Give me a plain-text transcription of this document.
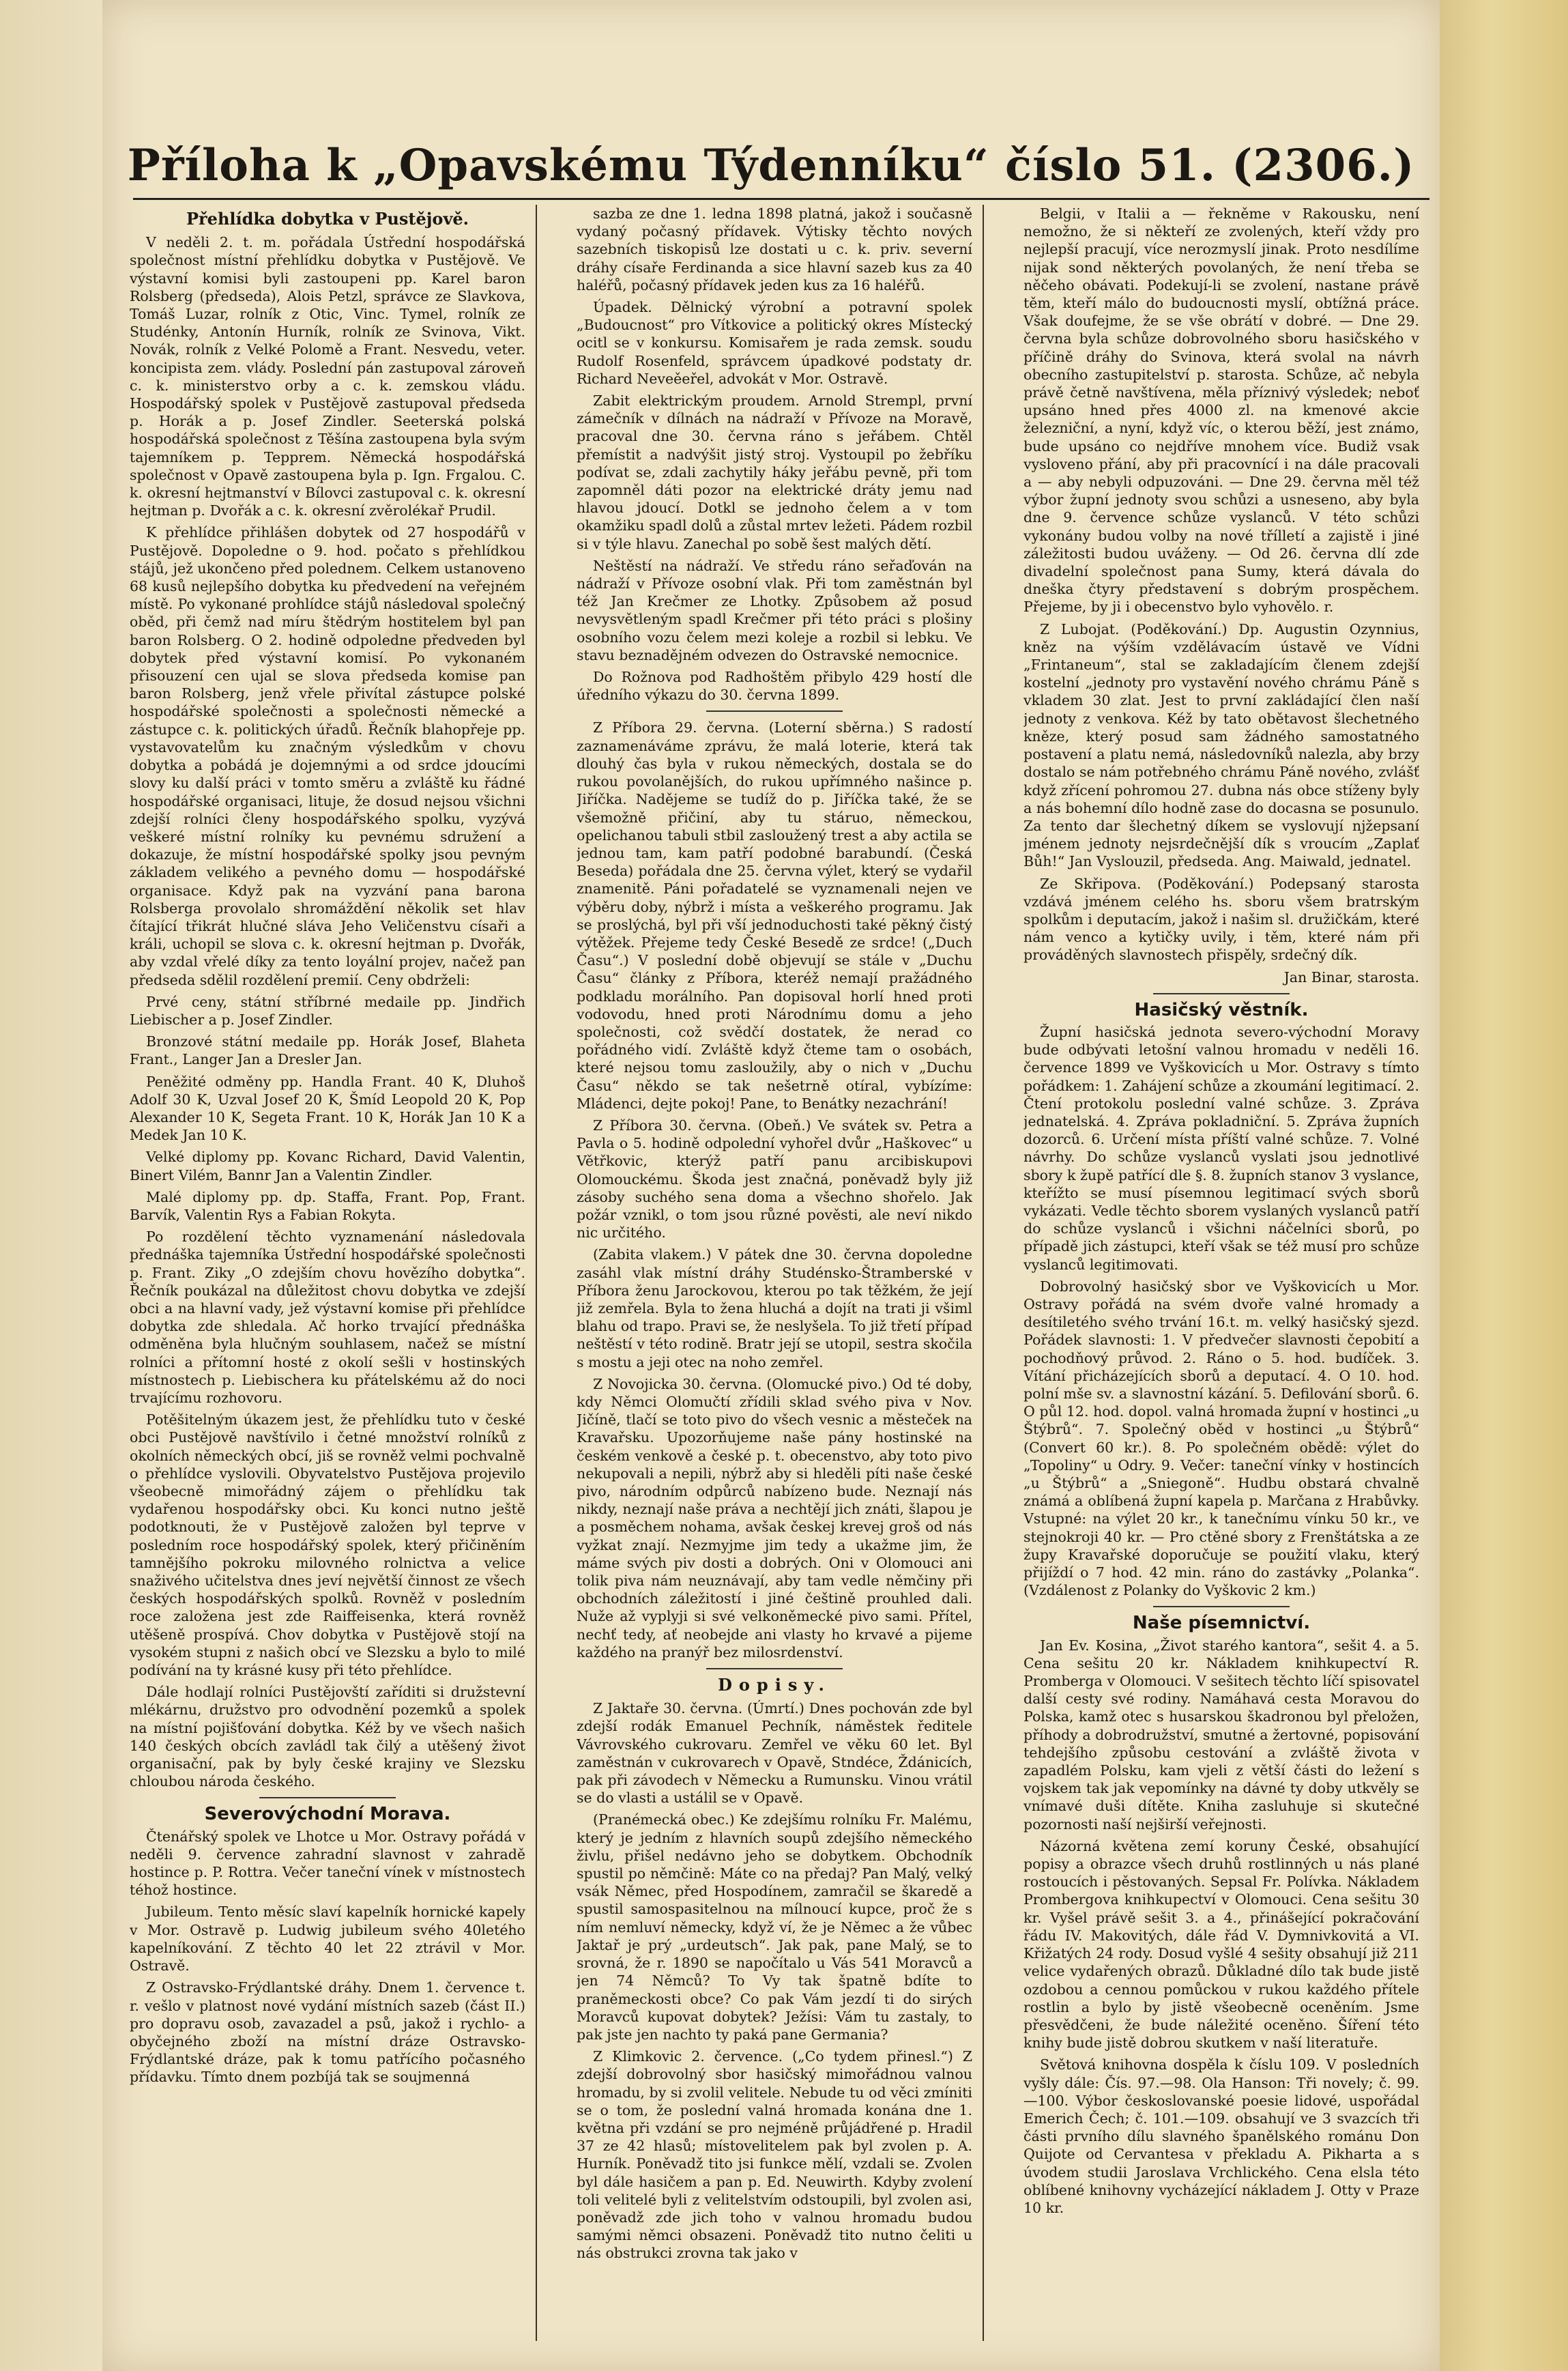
Příloha k „Opavskému Týdenníku“ číslo 51. (2306.)
Přehlídka dobytka v Pustějově.

V neděli 2. t. m. pořádala Ústřední hospodářská společnost místní přehlídku dobytka v Pustějově. Ve výstavní komisi byli zastoupeni pp. Karel baron Rolsberg (předseda), Alois Petzl, správce ze Slavkova, Tomáš Luzar, rolník z Otic, Vinc. Tymel, rolník ze Studénky, Antonín Hurník, rolník ze Svinova, Vikt. Novák, rolník z Velké Polomě a Frant. Nesvedu, veter. koncipista zem. vlády. Poslední pán zastupoval zároveň c. k. ministerstvo orby a c. k. zemskou vládu. Hospodářský spolek v Pustějově zastupoval předseda p. Horák a p. Josef Zindler. Seeterská polská hospodářská společnost z Těšína zastoupena byla svým tajemníkem p. Tepprem. Německá hospodářská společnost v Opavě zastoupena byla p. Ign. Frgalou. C. k. okresní hejtmanství v Bílovci zastupoval c. k. okresní hejtman p. Dvořák a c. k. okresní zvěrolékař Prudil.

K přehlídce přihlášen dobytek od 27 hospodářů v Pustějově. Dopoledne o 9. hod. počato s přehlídkou stájů, jež ukončeno před polednem. Celkem ustanoveno 68 kusů nejlepšího dobytka ku předvedení na veřejném místě. Po vykonané prohlídce stájů následoval společný oběd, při čemž nad míru štědrým hostitelem byl pan baron Rolsberg. O 2. hodině odpoledne předveden byl dobytek před výstavní komisí. Po vykonaném přisouzení cen ujal se slova předseda komise pan baron Rolsberg, jenž vřele přivítal zástupce polské hospodářské společnosti a společnosti německé a zástupce c. k. politických úřadů. Řečník blahopřeje pp. vystavovatelům ku značným výsledkům v chovu dobytka a pobádá je dojemnými a od srdce jdoucími slovy ku další práci v tomto směru a zvláště ku řádné hospodářské organisaci, lituje, že dosud nejsou všichni zdejší rolníci členy hospodářského spolku, vyzývá veškeré místní rolníky ku pevnému sdružení a dokazuje, že místní hospodářské spolky jsou pevným základem velikého a pevného domu — hospodářské organisace. Když pak na vyzvání pana barona Rolsberga provolalo shromáždění několik set hlav čítající třikrát hlučné sláva Jeho Veličenstvu císaři a králi, uchopil se slova c. k. okresní hejtman p. Dvořák, aby vzdal vřelé díky za tento loyální projev, načež pan předseda sdělil rozdělení premií. Ceny obdrželi:

Prvé ceny, státní stříbrné medaile pp. Jindřich Liebischer a p. Josef Zindler.

Bronzové státní medaile pp. Horák Josef, Blaheta Frant., Langer Jan a Dresler Jan.

Peněžité odměny pp. Handla Frant. 40 K, Dluhoš Adolf 30 K, Uzval Josef 20 K, Šmíd Leopold 20 K, Pop Alexander 10 K, Segeta Frant. 10 K, Horák Jan 10 K a Medek Jan 10 K.

Velké diplomy pp. Kovanc Richard, David Valentin, Binert Vilém, Bannr Jan a Valentin Zindler.

Malé diplomy pp. dp. Staffa, Frant. Pop, Frant. Barvík, Valentin Rys a Fabian Rokyta.

Po rozdělení těchto vyznamenání následovala přednáška tajemníka Ústřední hospodářské společnosti p. Frant. Ziky „O zdejším chovu hovězího dobytka“. Řečník poukázal na důležitost chovu dobytka ve zdejší obci a na hlavní vady, jež výstavní komise při přehlídce dobytka zde shledala. Ač horko trvající přednáška odměněna byla hlučným souhlasem, načež se místní rolníci a přítomní hosté z okolí sešli v hostinských místnostech p. Liebischera ku přátelskému až do noci trvajícímu rozhovoru.

Potěšitelným úkazem jest, že přehlídku tuto v české obci Pustějově navštívilo i četné množství rolníků z okolních německých obcí, jiš se rovněž velmi pochvalně o přehlídce vyslovili. Obyvatelstvo Pustějova projevilo všeobecně mimořádný zájem o přehlídku tak vydařenou hospodářsky obci. Ku konci nutno ještě podotknouti, že v Pustějově založen byl teprve v posledním roce hospodářský spolek, který přičiněním tamnějšího pokroku milovného rolnictva a velice snaživého učitelstva dnes jeví největší činnost ze všech českých hospodářských spolků. Rovněž v posledním roce založena jest zde Raiffeisenka, která rovněž utěšeně prospívá. Chov dobytka v Pustějově stojí na vysokém stupni z našich obcí ve Slezsku a bylo to milé podívání na ty krásné kusy při této přehlídce.

Dále hodlají rolníci Pustějovští zaříditi si družstevní mlékárnu, družstvo pro odvodnění pozemků a spolek na místní pojišťování dobytka. Kéž by ve všech našich 140 českých obcích zavládl tak čilý a utěšený život organisační, pak by byly české krajiny ve Slezsku chloubou národa českého.

Severovýchodní Morava.

Čtenářský spolek ve Lhotce u Mor. Ostravy pořádá v neděli 9. července zahradní slavnost v zahradě hostince p. P. Rottra. Večer taneční vínek v místnostech téhož hostince.

Jubileum. Tento měsíc slaví kapelník hornické kapely v Mor. Ostravě p. Ludwig jubileum svého 40letého kapelníkování. Z těchto 40 let 22 ztrávil v Mor. Ostravě.

Z Ostravsko-Frýdlantské dráhy. Dnem 1. července t. r. vešlo v platnost nové vydání místních sazeb (část II.) pro dopravu osob, zavazadel a psů, jakož i rychlo- a obyčejného zboží na místní dráze Ostravsko-Frýdlantské dráze, pak k tomu patřícího počasného přídavku. Tímto dnem pozbíjá tak se soujmenná

sazba ze dne 1. ledna 1898 platná, jakož i současně vydaný počasný přídavek. Výtisky těchto nových sazebních tiskopisů lze dostati u c. k. priv. severní dráhy císaře Ferdinanda a sice hlavní sazeb kus za 40 haléřů, počasný přídavek jeden kus za 16 haléřů.

Úpadek. Dělnický výrobní a potravní spolek „Budoucnost“ pro Vítkovice a politický okres Místecký ocitl se v konkursu. Komisařem je rada zemsk. soudu Rudolf Rosenfeld, správcem úpadkové podstaty dr. Richard Neveěeřel, advokát v Mor. Ostravě.

Zabit elektrickým proudem. Arnold Strempl, první zámečník v dílnách na nádraží v Přívoze na Moravě, pracoval dne 30. června ráno s jeřábem. Chtěl přemístit a nadvýšit jistý stroj. Vystoupil po žebříku podívat se, zdali zachytily háky jeřábu pevně, při tom zapomněl dáti pozor na elektrické dráty jemu nad hlavou jdoucí. Dotkl se jednoho čelem a v tom okamžiku spadl dolů a zůstal mrtev ležeti. Pádem rozbil si v týle hlavu. Zanechal po sobě šest malých dětí.

Neštěstí na nádraží. Ve středu ráno seřaďován na nádraží v Přívoze osobní vlak. Při tom zaměstnán byl též Jan Krečmer ze Lhotky. Způsobem až posud nevysvětleným spadl Krečmer při této práci s plošiny osobního vozu čelem mezi koleje a rozbil si lebku. Ve stavu beznadějném odvezen do Ostravské nemocnice.

Do Rožnova pod Radhoštěm přibylo 429 hostí dle úředního výkazu do 30. června 1899.

Z Příbora 29. června. (Loterní sběrna.) S radostí zaznamenáváme zprávu, že malá loterie, která tak dlouhý čas byla v rukou německých, dostala se do rukou povolanějších, do rukou upřímného našince p. Jiříčka. Nadějeme se tudíž do p. Jiříčka také, že se všemožně přičiní, aby tu stáruo, německou, opelichanou tabuli stbil zasloužený trest a aby actila se jednou tam, kam patří podobné barabundí. (Česká Beseda) pořádala dne 25. června výlet, který se vydařil znamenitě. Páni pořadatelé se vyznamenali nejen ve výběru doby, nýbrž i místa a veškerého programu. Jak se proslýchá, byl při vší jednoduchosti také pěkný čistý výtěžek. Přejeme tedy České Besedě ze srdce! („Duch Času“.) V poslední době objevují se stále v „Duchu Času“ články z Příbora, kteréž nemají pražádného podkladu morálního. Pan dopisoval horlí hned proti vodovodu, hned proti Národnímu domu a jeho společnosti, což svědčí dostatek, že nerad co pořádného vidí. Zvláště když čteme tam o osobách, které nejsou tomu zasloužily, aby o nich v „Duchu Času“ někdo se tak nešetrně otíral, vybízíme: Mládenci, dejte pokoj! Pane, to Benátky nezachrání!

Z Příbora 30. června. (Obeň.) Ve svátek sv. Petra a Pavla o 5. hodině odpolední vyhořel dvůr „Haškovec“ u Větřkovic, kterýž patří panu arcibiskupovi Olomouckému. Škoda jest značná, poněvadž byly již zásoby suchého sena doma a všechno shořelo. Jak požár vznikl, o tom jsou různé pověsti, ale neví nikdo nic určitého.

(Zabita vlakem.) V pátek dne 30. června dopoledne zasáhl vlak místní dráhy Studénsko-Štramberské v Příbora ženu Jarockovou, kterou po tak těžkém, že její již zemřela. Byla to žena hluchá a dojít na trati ji všiml blahu od trapo. Pravi se, že neslyšela. To již třetí případ neštěstí v této rodině. Bratr její se utopil, sestra skočila s mostu a jeji otec na noho zemřel.

Z Novojicka 30. června. (Olomucké pivo.) Od té doby, kdy Němci Olomučtí zřídili sklad svého piva v Nov. Jičíně, tlačí se toto pivo do všech vesnic a městeček na Kravařsku. Upozorňujeme naše pány hostinské na českém venkově a české p. t. obecenstvo, aby toto pivo nekupovali a nepili, nýbrž aby si hleděli píti naše české pivo, národním odpůrců nabízeno bude. Neznají nás nikdy, neznají naše práva a nechtějí jich znáti, šlapou je a posměchem nohama, avšak českej krevej groš od nás vyžkat znají. Nezmyjme jim tedy a ukažme jim, že máme svých piv dosti a dobrých. Oni v Olomouci ani tolik piva nám neuznávají, aby tam vedle němčiny při obchodních záležitostí i jiné češtině prouhled dali. Nuže až vyplyji si své velkoněmecké pivo sami. Přítel, nechť tedy, ať neobejde ani vlasty ho krvavé a pijeme každého na pranýř bez milosrdenství.

Dopisy.

Z Jaktaře 30. června. (Úmrtí.) Dnes pochován zde byl zdejší rodák Emanuel Pechník, náměstek ředitele Vávrovského cukrovaru. Zemřel ve věku 60 let. Byl zaměstnán v cukrovarech v Opavě, Stndéce, Ždánicích, pak při závodech v Německu a Rumunsku. Vinou vrátil se do vlasti a ustálil se v Opavě.

(Pranémecká obec.) Ke zdejšímu rolníku Fr. Malému, který je jedním z hlavních soupů zdejšího německého živlu, přišel nedávno jeho se dobytkem. Obchodník spustil po němčině: Máte co na předaj? Pan Malý, velký vsák Němec, před Hospodínem, zamračil se škaredě a spustil samospasitelnou na mílnoucí kupce, proč že s ním nemluví německy, když ví, že je Němec a že vůbec Jaktař je prý „urdeutsch“. Jak pak, pane Malý, se to srovná, že r. 1890 se napočítalo u Vás 541 Moravců a jen 74 Němců? To Vy tak špatně bdíte to praněmeckosti obce? Co pak Vám jezdí ti do sirých Moravců kupovat dobytek? Ježísi: Vám tu zastaly, to pak jste jen nachto ty paká pane Germania?

Z Klimkovic 2. července. („Co tydem přinesl.“) Z zdejší dobrovolný sbor hasičský mimořádnou valnou hromadu, by si zvolil velitele. Nebude tu od věci zmíniti se o tom, že poslední valná hromada konána dne 1. května při vzdání se pro nejméně průjádřené p. Hradil 37 ze 42 hlasů; místovelitelem pak byl zvolen p. A. Hurník. Poněvadž tito jsi funkce mělí, vzdali se. Zvolen byl dále hasičem a pan p. Ed. Neuwirth. Kdyby zvolení toli velitelé byli z velitelstvím odstoupili, byl zvolen asi, poněvadž zde jich toho v valnou hromadu budou samými němci obsazeni. Poněvadž tito nutno čeliti u nás obstrukci zrovna tak jako v

Belgii, v Italii a — řekněme v Rakousku, není nemožno, že si někteří ze zvolených, kteří vždy pro nejlepší pracují, více nerozmyslí jinak. Proto nesdílíme nijak sond některých povolaných, že není třeba se něčeho obávati. Podekují-li se zvolení, nastane právě těm, kteří málo do budoucnosti myslí, obtížná práce. Však doufejme, že se vše obrátí v dobré. — Dne 29. června byla schůze dobrovolného sboru hasičského v příčině dráhy do Svinova, která svolal na návrh obecního zastupitelství p. starosta. Schůze, ač nebyla právě četně navštívena, měla příznivý výsledek; neboť upsáno hned přes 4000 zl. na kmenové akcie železniční, a nyní, když víc, o kterou běží, jest známo, bude upsáno co nejdříve mnohem více. Budiž vsak vysloveno přání, aby při pracovnící i na dále pracovali a — aby nebyli odpuzováni. — Dne 29. června měl též výbor župní jednoty svou schůzi a usneseno, aby byla dne 9. července schůze vyslanců. V této schůzi vykonány budou volby na nové třílletí a zajistě i jiné záležitosti budou uváženy. — Od 26. června dlí zde divadelní společnost pana Sumy, která dávala do dneška čtyry představení s dobrým prospěchem. Přejeme, by ji i obecenstvo bylo vyhovělo. r.

Z Lubojat. (Poděkování.) Dp. Augustin Ozynnius, kněz na výším vzdělávacím ústavě ve Vídni „Frintaneum“, stal se zakladajícím členem zdejší kostelní „jednoty pro vystavění nového chrámu Páně s vkladem 30 zlat. Jest to první zakládající člen naší jednoty z venkova. Kéž by tato obětavost šlechetného kněze, který posud sam žádného samostatného postavení a platu nemá, následovníků nalezla, aby brzy dostalo se nám potřebného chrámu Páně nového, zvlášť když zřícení pohromou 27. dubna nás obce stíženy byly a nás bohemní dílo hodně zase do docasna se posunulo. Za tento dar šlechetný díkem se vyslovují njžepsaní jménem jednoty nejsrdečnější dík s vroucím „Zaplať Bůh!“ Jan Vyslouzil, předseda. Ang. Maiwald, jednatel.

Ze Skřipova. (Poděkování.) Podepsaný starosta vzdává jménem celého hs. sboru všem bratrským spolkům i deputacím, jakož i našim sl. družičkám, které nám venco a kytičky uvily, i těm, které nám při prováděných slavnostech přispěly, srdečný dík.

Jan Binar, starosta.

Hasičský věstník.

Župní hasičská jednota severo-východní Moravy bude odbývati letošní valnou hromadu v neděli 16. července 1899 ve Vyškovicích u Mor. Ostravy s tímto pořádkem: 1. Zahájení schůze a zkoumání legitimací. 2. Čtení protokolu poslední valné schůze. 3. Zpráva jednatelská. 4. Zpráva pokladniční. 5. Zpráva župních dozorců. 6. Určení místa příští valné schůze. 7. Volné návrhy. Do schůze vyslanců vyslati jsou jednotlivé sbory k župě patřící dle §. 8. župních stanov 3 vyslance, kteřížto se musí písemnou legitimací svých sborů vykázati. Vedle těchto sborem vyslaných vyslanců patří do schůze vyslanců i všichni náčelníci sborů, po případě jich zástupci, kteří však se též musí pro schůze vyslanců legitimovati.

Dobrovolný hasičský sbor ve Vyškovicích u Mor. Ostravy pořádá na svém dvoře valné hromady a desítiletého svého trvání 16.t. m. velký hasičský sjezd. Pořádek slavnosti: 1. V předvečer slavnosti čepobití a pochodňový průvod. 2. Ráno o 5. hod. budíček. 3. Vítání přicházejících sborů a deputací. 4. O 10. hod. polní mše sv. a slavnostní kázání. 5. Defilování sborů. 6. O půl 12. hod. dopol. valná hromada župní v hostinci „u Štýbrů“. 7. Společný oběd v hostinci „u Štýbrů“ (Convert 60 kr.). 8. Po společném obědě: výlet do „Topoliny“ u Odry. 9. Večer: taneční vínky v hostincích „u Štýbrů“ a „Sniegoně“. Hudbu obstará chvalně známá a oblíbená župní kapela p. Marčana z Hrabůvky. Vstupné: na výlet 20 kr., k tanečnímu vínku 50 kr., ve stejnokroji 40 kr. — Pro ctěné sbory z Frenštátska a ze župy Kravařské doporučuje se použití vlaku, který přijíždí o 7 hod. 42 min. ráno do zastávky „Polanka“. (Vzdálenost z Polanky do Vyškovic 2 km.)

Naše písemnictví.

Jan Ev. Kosina, „Život starého kantora“, sešit 4. a 5. Cena sešitu 20 kr. Nákladem knihkupectví R. Promberga v Olomouci. V sešitech těchto líčí spisovatel další cesty své rodiny. Namáhavá cesta Moravou do Polska, kamž otec s husarskou škadronou byl přeložen, příhody a dobrodružství, smutné a žertovné, popisování tehdejšího způsobu cestování a zvláště života v zapadlém Polsku, kam vjeli z větší části do ležení s vojskem tak jak vepomínky na dávné ty doby utkvěly se vnímavé duši dítěte. Kniha zasluhuje si skutečné pozornosti naší nejširší veřejnosti.

Názorná květena zemí koruny České, obsahující popisy a obrazce všech druhů rostlinných u nás plané rostoucích i pěstovaných. Sepsal Fr. Polívka. Nákladem Prombergova knihkupectví v Olomouci. Cena sešitu 30 kr. Vyšel právě sešit 3. a 4., přinášející pokračování řádu IV. Makovitých, dále řád V. Dymnivkovitá a VI. Křižatých 24 rody. Dosud vyšlé 4 sešity obsahují již 211 velice vydařených obrazů. Důkladné dílo tak bude jistě ozdobou a cennou pomůckou v rukou každého přítele rostlin a bylo by jistě všeobecně oceněním. Jsme přesvědčeni, že bude náležité oceněno. Šíření této knihy bude jistě dobrou skutkem v naší literatuře.

Světová knihovna dospěla k číslu 109. V posledních vyšly dále: Čís. 97.—98. Ola Hanson: Tři novely; č. 99.—100. Výbor českoslovanské poesie lidové, uspořádal Emerich Čech; č. 101.—109. obsahují ve 3 svazcích tři části prvního dílu slavného španělského románu Don Quijote od Cervantesa v překladu A. Pikharta a s úvodem studii Jaroslava Vrchlického. Cena elsla této oblíbené knihovny vycházející nákladem J. Otty v Praze 10 kr.
